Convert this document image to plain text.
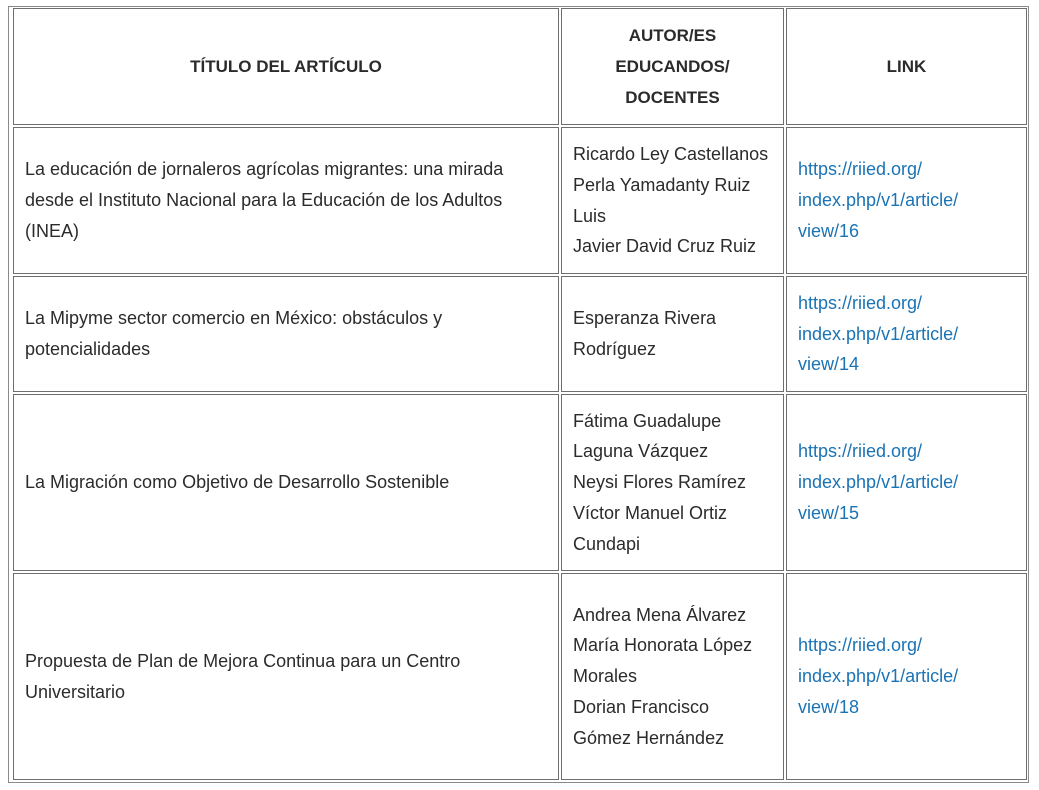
TÍTULO DEL ARTÍCULO
AUTOR/ES
EDUCANDOS/
DOCENTES
LINK
La educación de jornaleros agrícolas migrantes: una mirada
desde el Instituto Nacional para la Educación de los Adultos
(INEA)
Ricardo Ley Castellanos
Perla Yamadanty Ruiz
Luis
Javier David Cruz Ruiz
https://riied.org/
index.php/v1/article/
view/16
La Mipyme sector comercio en México: obstáculos y
potencialidades
Esperanza Rivera
Rodríguez
https://riied.org/
index.php/v1/article/
view/14
La Migración como Objetivo de Desarrollo Sostenible
Fátima Guadalupe
Laguna Vázquez
Neysi Flores Ramírez
Víctor Manuel Ortiz
Cundapi
https://riied.org/
index.php/v1/article/
view/15
Propuesta de Plan de Mejora Continua para un Centro
Universitario
Andrea Mena Álvarez
María Honorata López
Morales
Dorian Francisco
Gómez Hernández
https://riied.org/
index.php/v1/article/
view/18
